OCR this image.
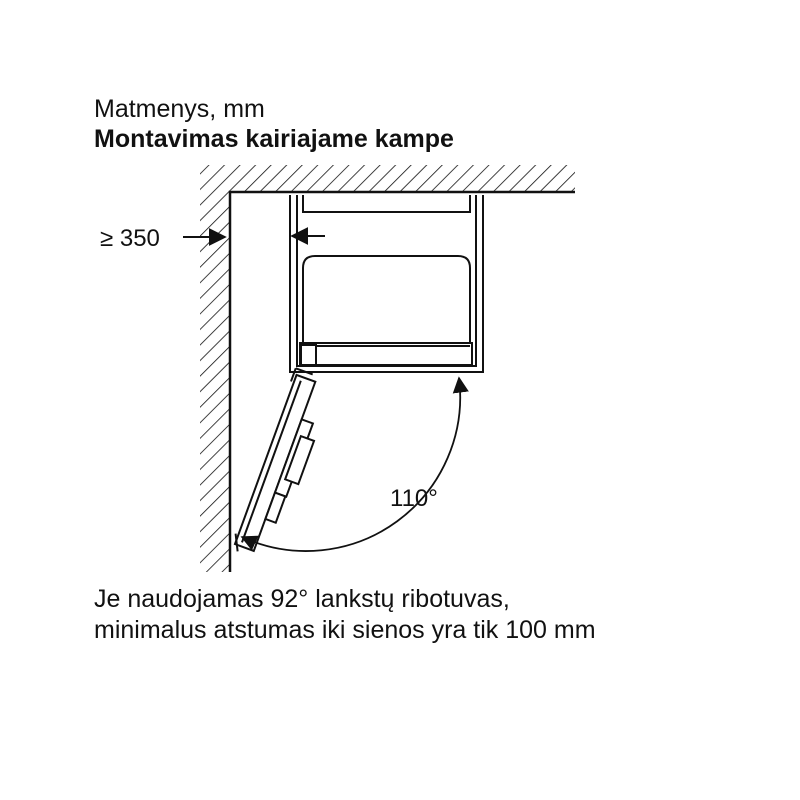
Matmenys, mm
Montavimas kairiajame kampe
≥ 350
110°
Je naudojamas 92° lankstų ribotuvas,
minimalus atstumas iki sienos yra tik 100 mm
